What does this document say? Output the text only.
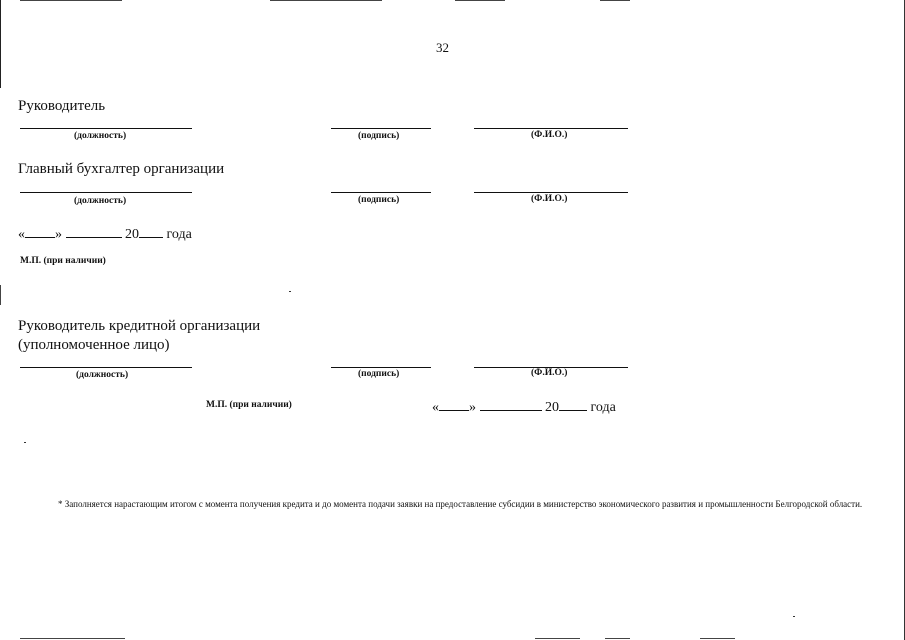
32
Руководитель
(должность)	(подпись)	(Ф.И.О.)
Главный бухгалтер организации
(должность)	(подпись)	(Ф.И.О.)
« »	20 года
М.П. (при наличии)
Руководитель кредитной организации
(уполномоченное лицо)
(должность)	(подпись)	(Ф.И.О.)
М.П. (при наличии)	« »	20 года
* Заполняется нарастающим итогом с момента получения кредита и до момента подачи заявки на предоставление субсидии в министерство экономического развития и промышленности Белгородской области.
